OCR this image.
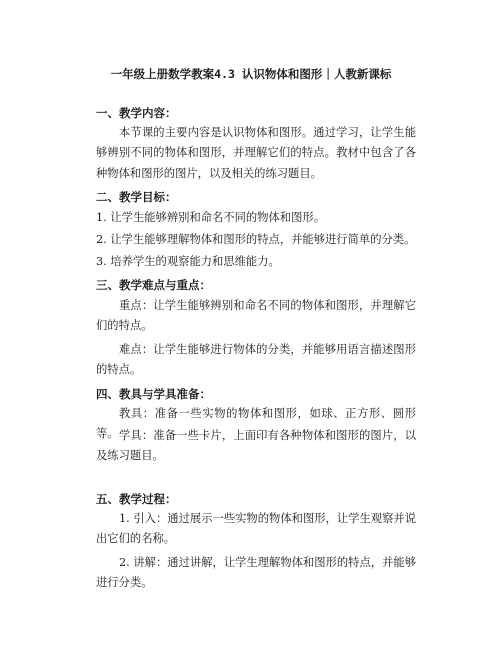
一年级上册数学教案4.3 认识物体和图形｜人教新课标
一、教学内容：
本节课的主要内容是认识物体和图形。通过学习，让学生能够辨别不同的物体和图形，并理解它们的特点。教材中包含了各种物体和图形的图片，以及相关的练习题目。
二、教学目标：
1. 让学生能够辨别和命名不同的物体和图形。
2. 让学生能够理解物体和图形的特点，并能够进行简单的分类。
3. 培养学生的观察能力和思维能力。
三、教学难点与重点：
重点：让学生能够辨别和命名不同的物体和图形，并理解它们的特点。
难点：让学生能够进行物体的分类，并能够用语言描述图形的特点。
四、教具与学具准备：
教具：准备一些实物的物体和图形，如球、正方形、圆形等。 学具：准备一些卡片，上面印有各种物体和图形的图片，以及练习题目。
五、教学过程：
1. 引入：通过展示一些实物的物体和图形，让学生观察并说出它们的名称。
2. 讲解：通过讲解，让学生理解物体和图形的特点，并能够进行分类。
